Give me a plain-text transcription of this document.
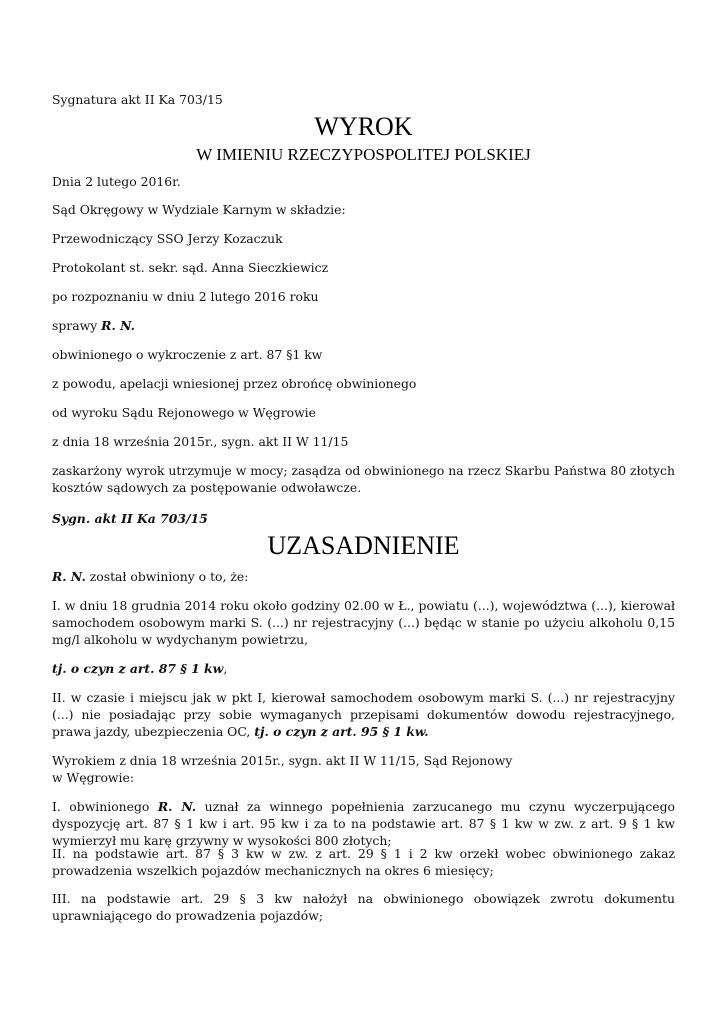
Sygnatura akt II Ka 703/15
WYROK
W IMIENIU RZECZYPOSPOLITEJ POLSKIEJ
Dnia 2 lutego 2016r.
Sąd Okręgowy w Wydziale Karnym w składzie:
Przewodniczący SSO Jerzy Kozaczuk
Protokolant st. sekr. sąd. Anna Sieczkiewicz
po rozpoznaniu w dniu 2 lutego 2016 roku
sprawy R. N.
obwinionego o wykroczenie z art. 87 §1 kw
z powodu, apelacji wniesionej przez obrońcę obwinionego
od wyroku Sądu Rejonowego w Węgrowie
z dnia 18 września 2015r., sygn. akt II W 11/15
zaskarżony wyrok utrzymuje w mocy; zasądza od obwinionego na rzecz Skarbu Państwa 80 złotych kosztów sądowych za postępowanie odwoławcze.
Sygn. akt II Ka 703/15
UZASADNIENIE
R. N. został obwiniony o to, że:
I. w dniu 18 grudnia 2014 roku około godziny 02.00 w Ł., powiatu (...), województwa (...), kierował samochodem osobowym marki S. (...) nr rejestracyjny (...) będąc w stanie po użyciu alkoholu 0,15 mg/l alkoholu w wydychanym powietrzu,
tj. o czyn z art. 87 § 1 kw,
II. w czasie i miejscu jak w pkt I, kierował samochodem osobowym marki S. (...) nr rejestracyjny (...) nie posiadając przy sobie wymaganych przepisami dokumentów dowodu rejestracyjnego, prawa jazdy, ubezpieczenia OC, tj. o czyn z art. 95 § 1 kw.
Wyrokiem z dnia 18 września 2015r., sygn. akt II W 11/15, Sąd Rejonowy
w Węgrowie:
I. obwinionego R. N. uznał za winnego popełnienia zarzucanego mu czynu wyczerpującego dyspozycję art. 87 § 1 kw i art. 95 kw i za to na podstawie art. 87 § 1 kw w zw. z art. 9 § 1 kw wymierzył mu karę grzywny w wysokości 800 złotych;
II. na podstawie art. 87 § 3 kw w zw. z art. 29 § 1 i 2 kw orzekł wobec obwinionego zakaz prowadzenia wszelkich pojazdów mechanicznych na okres 6 miesięcy;
III. na podstawie art. 29 § 3 kw nałożył na obwinionego obowiązek zwrotu dokumentu uprawniającego do prowadzenia pojazdów;
